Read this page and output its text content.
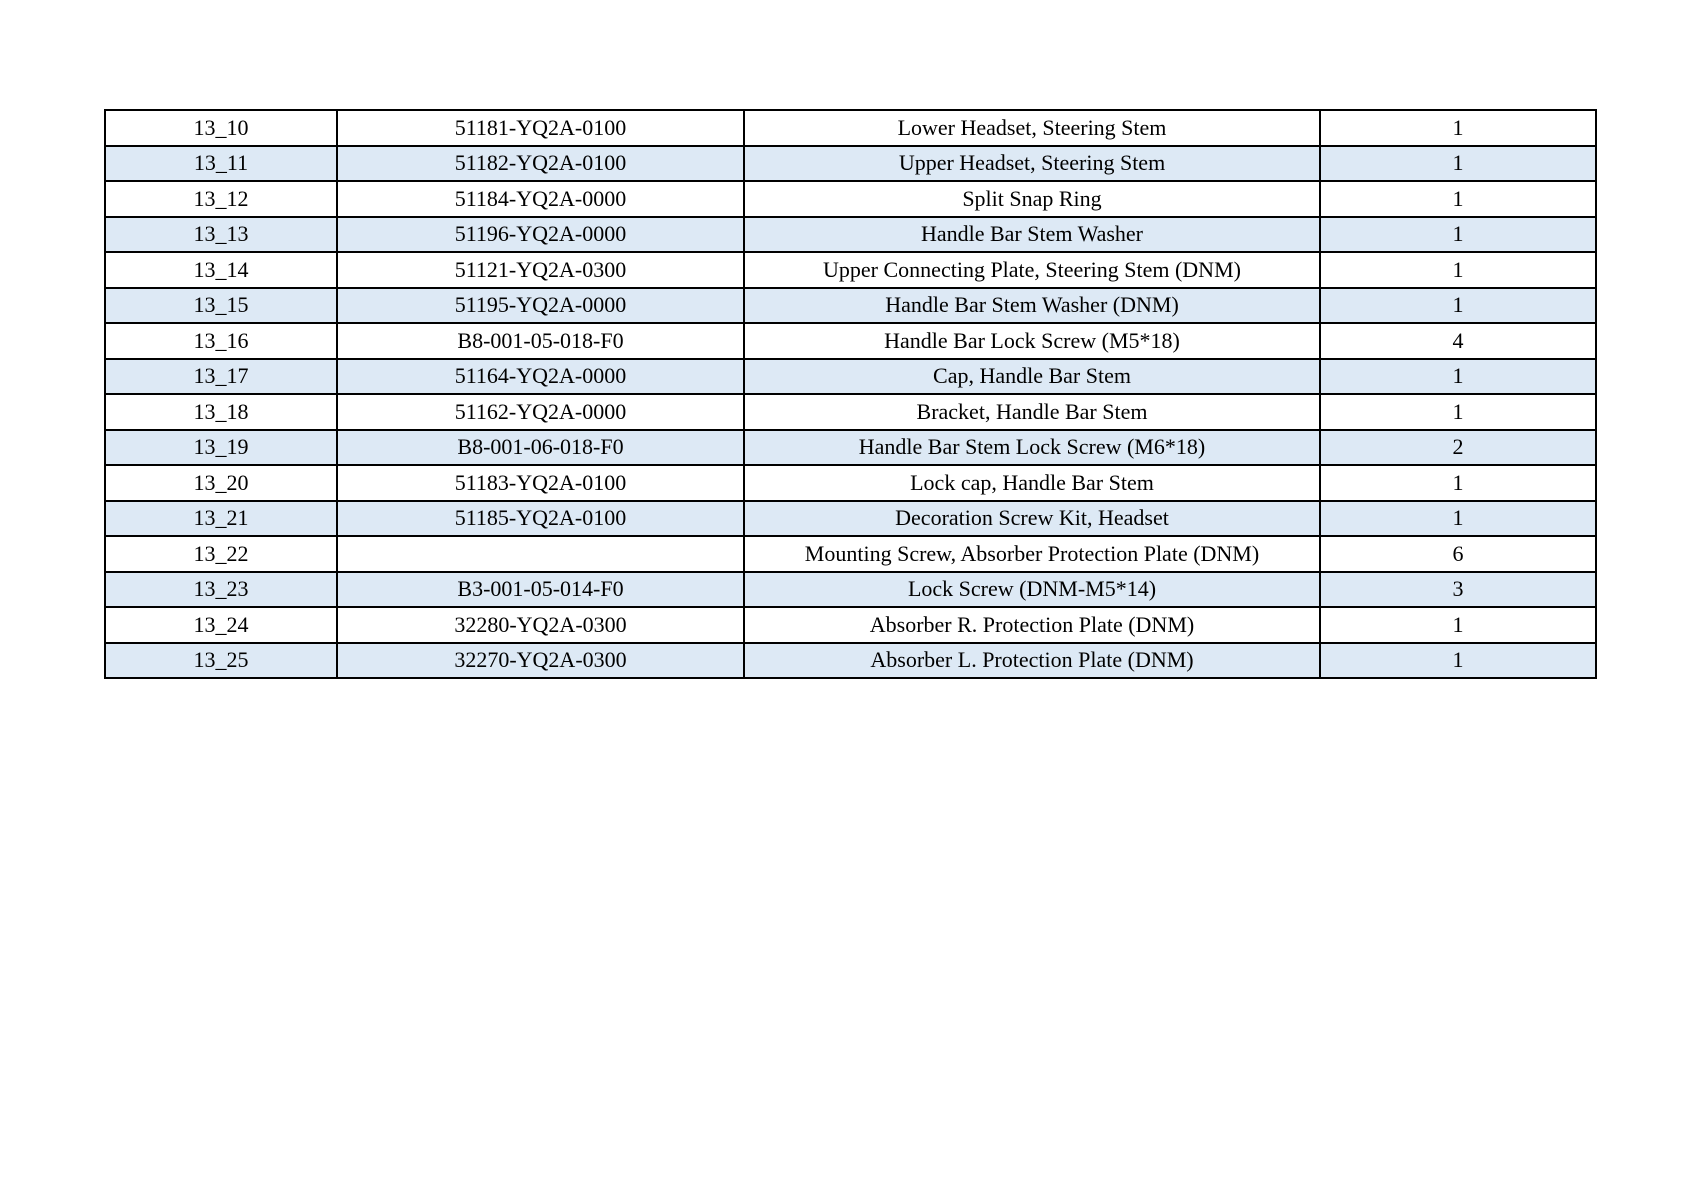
13_10	51181-YQ2A-0100	Lower Headset, Steering Stem	1
13_11	51182-YQ2A-0100	Upper Headset, Steering Stem	1
13_12	51184-YQ2A-0000	Split Snap Ring	1
13_13	51196-YQ2A-0000	Handle Bar Stem Washer	1
13_14	51121-YQ2A-0300	Upper Connecting Plate, Steering Stem (DNM)	1
13_15	51195-YQ2A-0000	Handle Bar Stem Washer (DNM)	1
13_16	B8-001-05-018-F0	Handle Bar Lock Screw (M5*18)	4
13_17	51164-YQ2A-0000	Cap, Handle Bar Stem	1
13_18	51162-YQ2A-0000	Bracket, Handle Bar Stem	1
13_19	B8-001-06-018-F0	Handle Bar Stem Lock Screw (M6*18)	2
13_20	51183-YQ2A-0100	Lock cap, Handle Bar Stem	1
13_21	51185-YQ2A-0100	Decoration Screw Kit, Headset	1
13_22		Mounting Screw, Absorber Protection Plate (DNM)	6
13_23	B3-001-05-014-F0	Lock Screw (DNM-M5*14)	3
13_24	32280-YQ2A-0300	Absorber R. Protection Plate (DNM)	1
13_25	32270-YQ2A-0300	Absorber L. Protection Plate (DNM)	1
